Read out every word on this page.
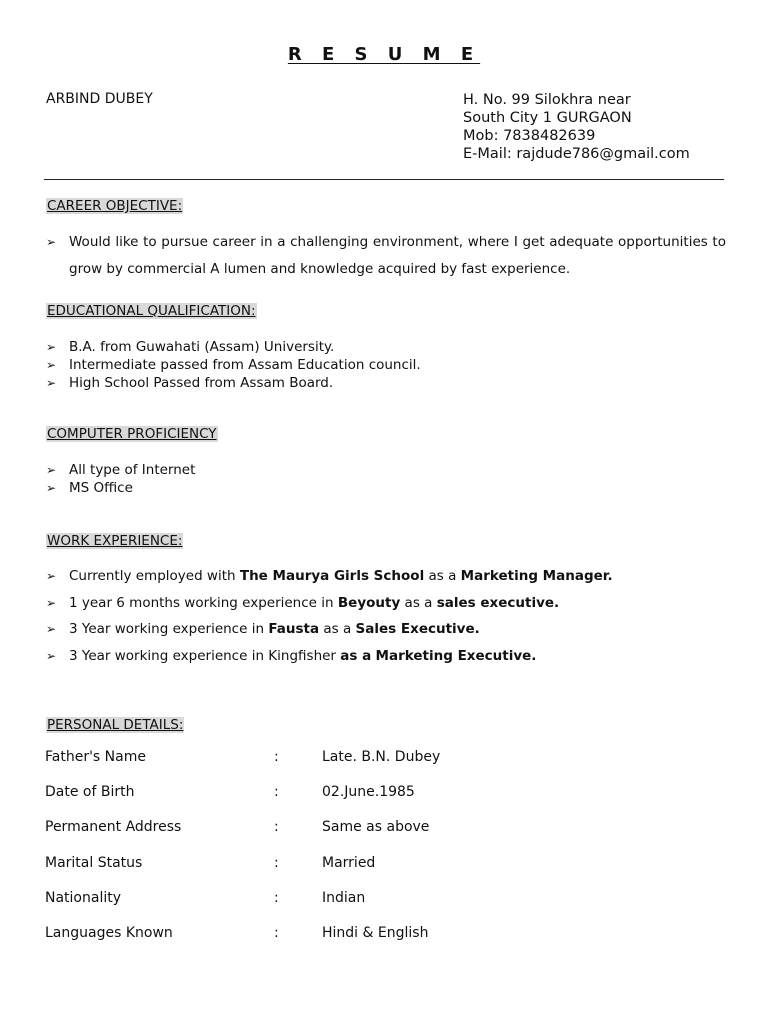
R E S U M E
ARBIND DUBEY	H. No. 99 Silokhra near
South City 1 GURGAON
Mob: 7838482639
E-Mail: rajdude786@gmail.com
CAREER OBJECTIVE:
➢ Would like to pursue career in a challenging environment, where I get adequate opportunities to grow by commercial A lumen and knowledge acquired by fast experience.
EDUCATIONAL QUALIFICATION:
➢ B.A. from Guwahati (Assam) University.
➢ Intermediate passed from Assam Education council.
➢ High School Passed from Assam Board.
COMPUTER PROFICIENCY
➢ All type of Internet
➢ MS Office
WORK EXPERIENCE:
➢ Currently employed with The Maurya Girls School as a Marketing Manager.
➢ 1 year 6 months working experience in Beyouty as a sales executive.
➢ 3 Year working experience in Fausta as a Sales Executive.
➢ 3 Year working experience in Kingfisher as a Marketing Executive.
PERSONAL DETAILS:
Father's Name	:	Late. B.N. Dubey
Date of Birth	:	02.June.1985
Permanent Address	:	Same as above
Marital Status	:	Married
Nationality	:	Indian
Languages Known	:	Hindi & English
